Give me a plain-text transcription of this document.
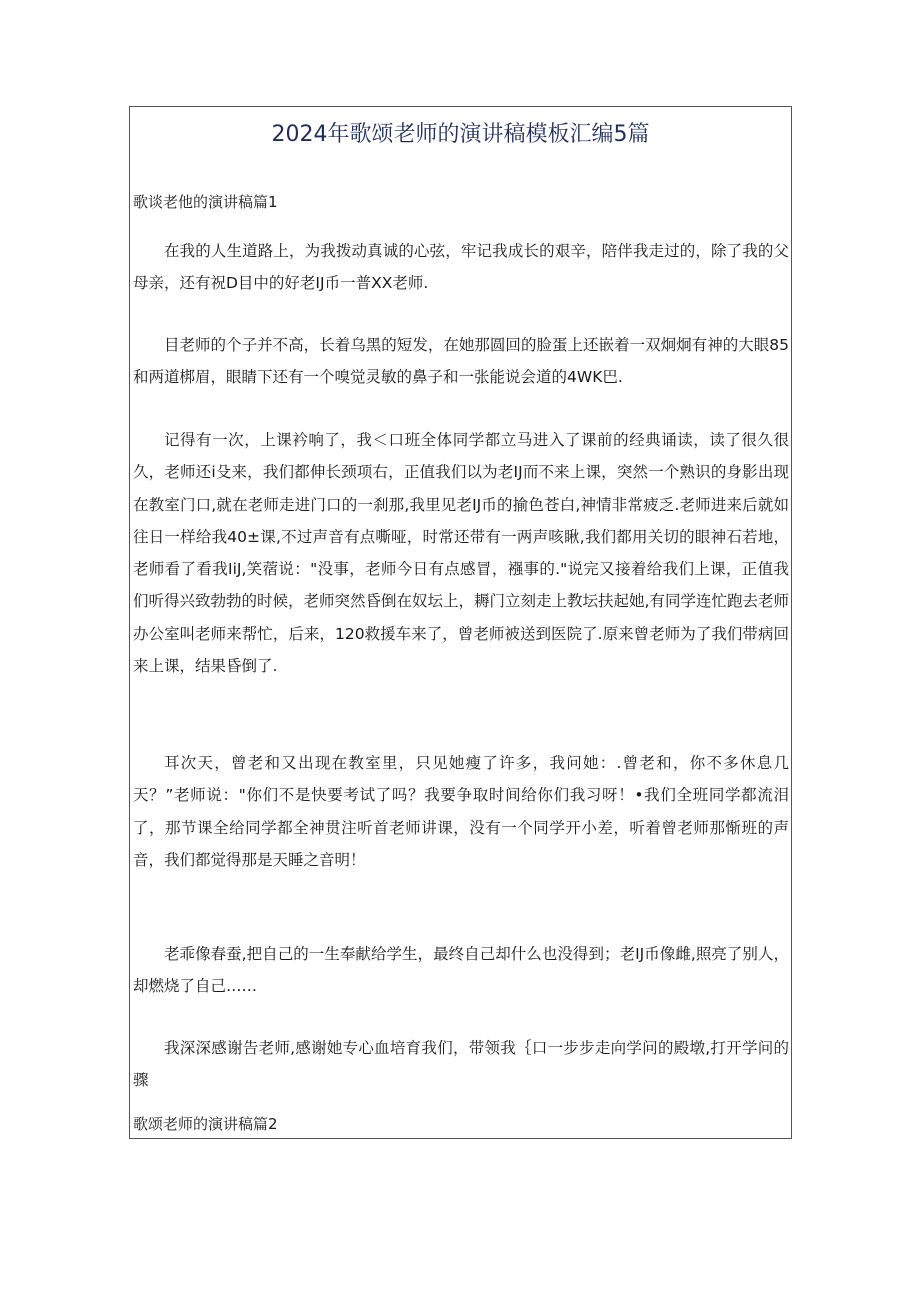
2024年歌颂老师的演讲稿模板汇编5篇
歌谈老他的演讲稿篇1

在我的人生道路上，为我拨动真诚的心弦，牢记我成长的艰辛，陪伴我走过的，除了我的父母亲，还有祝D目中的好老IJ币一普XX老师.

目老师的个子并不高，长着乌黑的短发，在她那圆回的脸蛋上还嵌着一双炯炯有神的大眼85和两道梆眉，眼睛下还有一个嗅觉灵敏的鼻子和一张能说会道的4WK巴.

记得有一次，上课衿响了，我＜口班全体同学都立马进入了课前的经典诵读，读了很久很久，老师还i殳来，我们都伸长颈项右，正值我们以为老IJ而不来上课，突然一个熟识的身影出现在教室门口,就在老师走进门口的一刹那,我里见老IJ币的揄色苍白,神情非常疲乏.老师进来后就如往日一样给我40±课,不过声音有点嘶哑，时常还带有一两声咳瞅,我们都用关切的眼神石若地，老师看了看我IiJ,笑蓿说："没事，老师今日有点感冒，襁事的."说完又接着给我们上课，正值我们听得兴致勃勃的时候，老师突然昏倒在奴坛上，耨门立刻走上教坛扶起她,有同学连忙跑去老师办公室叫老师来帮忙，后来，120救援车来了，曾老师被送到医院了.原来曾老师为了我们带病回来上课，结果昏倒了.

耳次天，曾老和又出现在教室里，只见她瘦了许多，我问她：.曾老和，你不多休息几天？”老师说："你们不是快要考试了吗？我要争取时间给你们我习呀！•我们全班同学都流泪了，那节课全给同学都全神贯注听首老师讲课，没有一个同学开小差，听着曾老师那惭班的声音，我们都觉得那是天睡之音明！

老乖像春蚕,把自己的一生奉献给学生，最终自己却什么也没得到；老IJ币像雌,照亮了别人，却燃烧了自己……

我深深感谢告老师,感谢她专心血培育我们，带领我｛口一步步走向学问的殿墩,打开学问的骤

歌颂老师的演讲稿篇2
